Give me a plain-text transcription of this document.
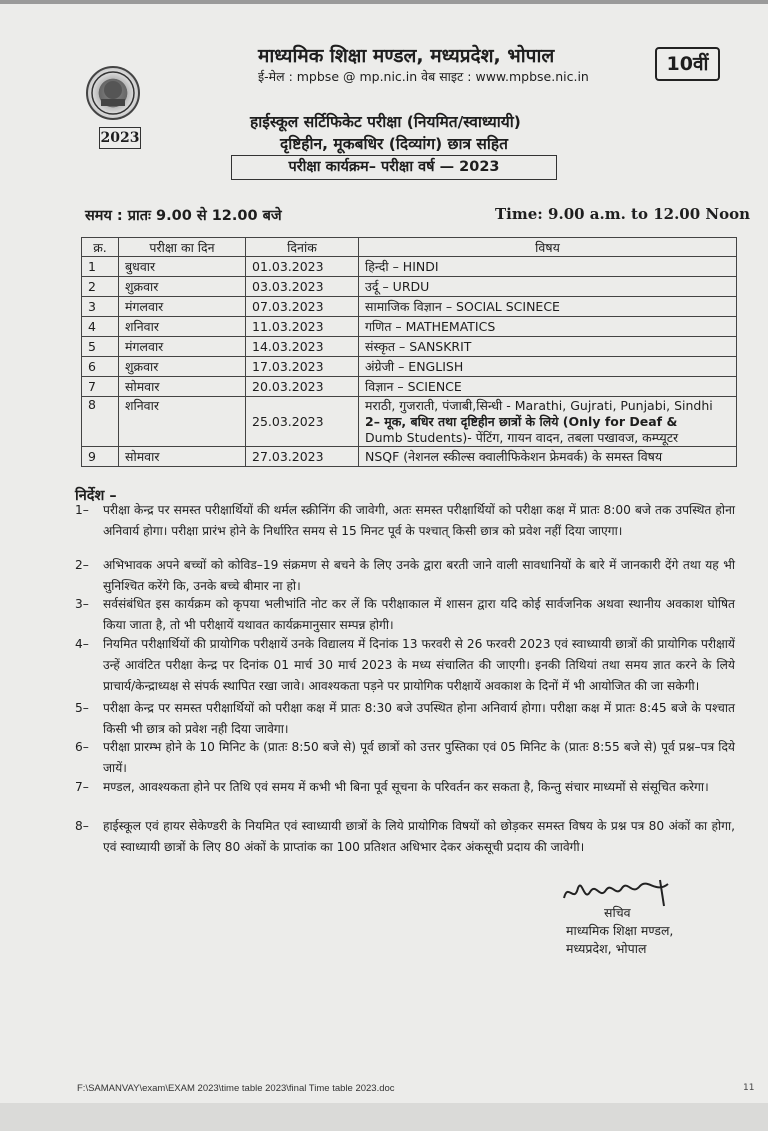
माध्यमिक शिक्षा मण्डल, मध्यप्रदेश, भोपाल
ई-मेल : mpbse @ mp.nic.in वेब साइट : www.mpbse.nic.in
10वीं
2023
हाईस्कूल सर्टिफिकेट परीक्षा (नियमित/स्वाध्यायी)
दृष्टिहीन, मूकबधिर (दिव्यांग) छात्र सहित
परीक्षा कार्यक्रम– परीक्षा वर्ष — 2023
समय : प्रातः 9.00 से 12.00 बजे	Time: 9.00 a.m. to 12.00 Noon
क्र.	परीक्षा का दिन	दिनांक	विषय
1	बुधवार	01.03.2023	हिन्दी – HINDI
2	शुक्रवार	03.03.2023	उर्दू – URDU
3	मंगलवार	07.03.2023	सामाजिक विज्ञान – SOCIAL SCINECE
4	शनिवार	11.03.2023	गणित – MATHEMATICS
5	मंगलवार	14.03.2023	संस्कृत – SANSKRIT
6	शुक्रवार	17.03.2023	अंग्रेजी – ENGLISH
7	सोमवार	20.03.2023	विज्ञान – SCIENCE
8	शनिवार	25.03.2023	मराठी, गुजराती, पंजाबी,सिन्धी - Marathi, Gujrati, Punjabi, Sindhi
2– मूक, बधिर तथा दृष्टिहीन छात्रों के लिये (Only for Deaf &
Dumb Students)- पेंटिंग, गायन वादन, तबला पखावज, कम्प्यूटर

9	सोमवार	27.03.2023	NSQF (नेशनल स्कील्स क्वालीफिकेशन फ्रेमवर्क) के समस्त विषय
निर्देश –
1– परीक्षा केन्द्र पर समस्त परीक्षार्थियों की थर्मल स्क्रीनिंग की जावेगी, अतः समस्त परीक्षार्थियों को परीक्षा कक्ष में प्रातः 8:00 बजे तक उपस्थित होना अनिवार्य होगा। परीक्षा प्रारंभ होने के निर्धारित समय से 15 मिनट पूर्व के पश्चात् किसी छात्र को प्रवेश नहीं दिया जाएगा।
2– अभिभावक अपने बच्चों को कोविड–19 संक्रमण से बचने के लिए उनके द्वारा बरती जाने वाली सावधानियों के बारे में जानकारी देंगे तथा यह भी सुनिश्चित करेंगे कि, उनके बच्चे बीमार ना हो।
3– सर्वसंबंधित इस कार्यक्रम को कृपया भलीभांति नोट कर लें कि परीक्षाकाल में शासन द्वारा यदि कोई सार्वजनिक अथवा स्थानीय अवकाश घोषित किया जाता है, तो भी परीक्षायें यथावत कार्यक्रमानुसार सम्पन्न होगी।
4– नियमित परीक्षार्थियों की प्रायोगिक परीक्षायें उनके विद्यालय में दिनांक 13 फरवरी से 26 फरवरी 2023 एवं स्वाध्यायी छात्रों की प्रायोगिक परीक्षायें उन्हें आवंटित परीक्षा केन्द्र पर दिनांक 01 मार्च 30 मार्च 2023 के मध्य संचालित की जाएगी। इनकी तिथियां तथा समय ज्ञात करने के लिये प्राचार्य/केन्द्राध्यक्ष से संपर्क स्थापित रखा जावे। आवश्यकता पड़ने पर प्रायोगिक परीक्षायें अवकाश के दिनों में भी आयोजित की जा सकेगी।
5– परीक्षा केन्द्र पर समस्त परीक्षार्थियों को परीक्षा कक्ष में प्रातः 8:30 बजे उपस्थित होना अनिवार्य होगा। परीक्षा कक्ष में प्रातः 8:45 बजे के पश्चात किसी भी छात्र को प्रवेश नही दिया जावेगा।
6– परीक्षा प्रारम्भ होने के 10 मिनिट के (प्रातः 8:50 बजे से) पूर्व छात्रों को उत्तर पुस्तिका एवं 05 मिनिट के (प्रातः 8:55 बजे से) पूर्व प्रश्न–पत्र दिये जायें।
7– मण्डल, आवश्यकता होने पर तिथि एवं समय में कभी भी बिना पूर्व सूचना के परिवर्तन कर सकता है, किन्तु संचार माध्यमों से संसूचित करेगा।
8– हाईस्कूल एवं हायर सेकेण्डरी के नियमित एवं स्वाध्यायी छात्रों के लिये प्रायोगिक विषयों को छोड़कर समस्त विषय के प्रश्न पत्र 80 अंकों का होगा, एवं स्वाध्यायी छात्रों के लिए 80 अंकों के प्राप्तांक का 100 प्रतिशत अधिभार देकर अंकसूची प्रदाय की जावेगी।
सचिव
माध्यमिक शिक्षा मण्डल,
मध्यप्रदेश, भोपाल
F:\SAMANVAY\exam\EXAM 2023\time table 2023\final Time table 2023.doc	11
